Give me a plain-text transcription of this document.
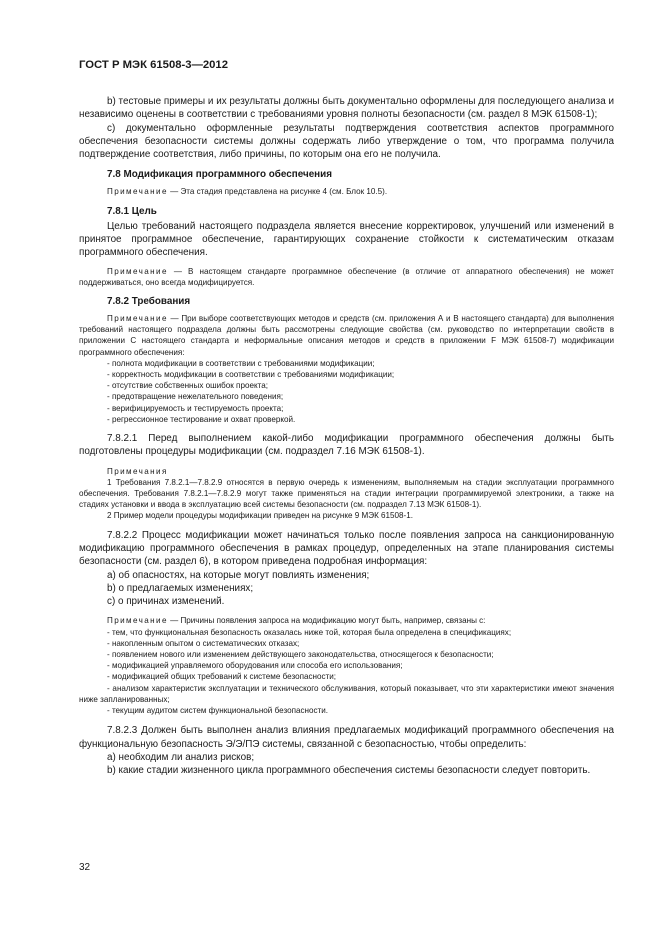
ГОСТ Р МЭК 61508-3—2012

b) тестовые примеры и их результаты должны быть документально оформлены для последующего анализа и независимо оценены в соответствии с требованиями уровня полноты безопасности (см. раздел 8 МЭК 61508-1);

c) документально оформленные результаты подтверждения соответствия аспектов программного обеспечения безопасности системы должны содержать либо утверждение о том, что программа получила подтверждение соответствия, либо причины, по которым она его не получила.

7.8 Модификация программного обеспечения

Примечание — Эта стадия представлена на рисунке 4 (см. Блок 10.5).

7.8.1 Цель

Целью требований настоящего подраздела является внесение корректировок, улучшений или изменений в принятое программное обеспечение, гарантирующих сохранение стойкости к систематическим отказам программного обеспечения.

Примечание — В настоящем стандарте программное обеспечение (в отличие от аппаратного обеспечения) не может поддерживаться, оно всегда модифицируется.

7.8.2 Требования

Примечание — При выборе соответствующих методов и средств (см. приложения А и В настоящего стандарта) для выполнения требований настоящего подраздела должны быть рассмотрены следующие свойства (см. руководство по интерпретации свойств в приложении С настоящего стандарта и неформальные описания методов и средств в приложении F МЭК 61508-7) модификации программного обеспечения:

- полнота модификации в соответствии с требованиями модификации;
- корректность модификации в соответствии с требованиями модификации;
- отсутствие собственных ошибок проекта;
- предотвращение нежелательного поведения;
- верифицируемость и тестируемость проекта;
- регрессионное тестирование и охват проверкой.

7.8.2.1 Перед выполнением какой-либо модификации программного обеспечения должны быть подготовлены процедуры модификации (см. подраздел 7.16 МЭК 61508-1).

Примечания

1 Требования 7.8.2.1—7.8.2.9 относятся в первую очередь к изменениям, выполняемым на стадии эксплуатации программного обеспечения. Требования 7.8.2.1—7.8.2.9 могут также применяться на стадии интеграции программируемой электроники, а также на стадиях установки и ввода в эксплуатацию всей системы безопасности (см. подраздел 7.13 МЭК 61508-1).

2 Пример модели процедуры модификации приведен на рисунке 9 МЭК 61508-1.

7.8.2.2 Процесс модификации может начинаться только после появления запроса на санкционированную модификацию программного обеспечения в рамках процедур, определенных на этапе планирования системы безопасности (см. раздел 6), в котором приведена подробная информация:

a) об опасностях, на которые могут повлиять изменения;
b) о предлагаемых изменениях;
c) о причинах изменений.

Примечание — Причины появления запроса на модификацию могут быть, например, связаны с:

- тем, что функциональная безопасность оказалась ниже той, которая была определена в спецификациях;

- накопленным опытом о систематических отказах;

- появлением нового или изменением действующего законодательства, относящегося к безопасности;

- модификацией управляемого оборудования или способа его использования;

- модификацией общих требований к системе безопасности;

- анализом характеристик эксплуатации и технического обслуживания, который показывает, что эти характеристики имеют значения ниже запланированных;

- текущим аудитом систем функциональной безопасности.

7.8.2.3 Должен быть выполнен анализ влияния предлагаемых модификаций программного обеспечения на функциональную безопасность Э/Э/ПЭ системы, связанной с безопасностью, чтобы определить:

a) необходим ли анализ рисков;

b) какие стадии жизненного цикла программного обеспечения системы безопасности следует повторить.

32
